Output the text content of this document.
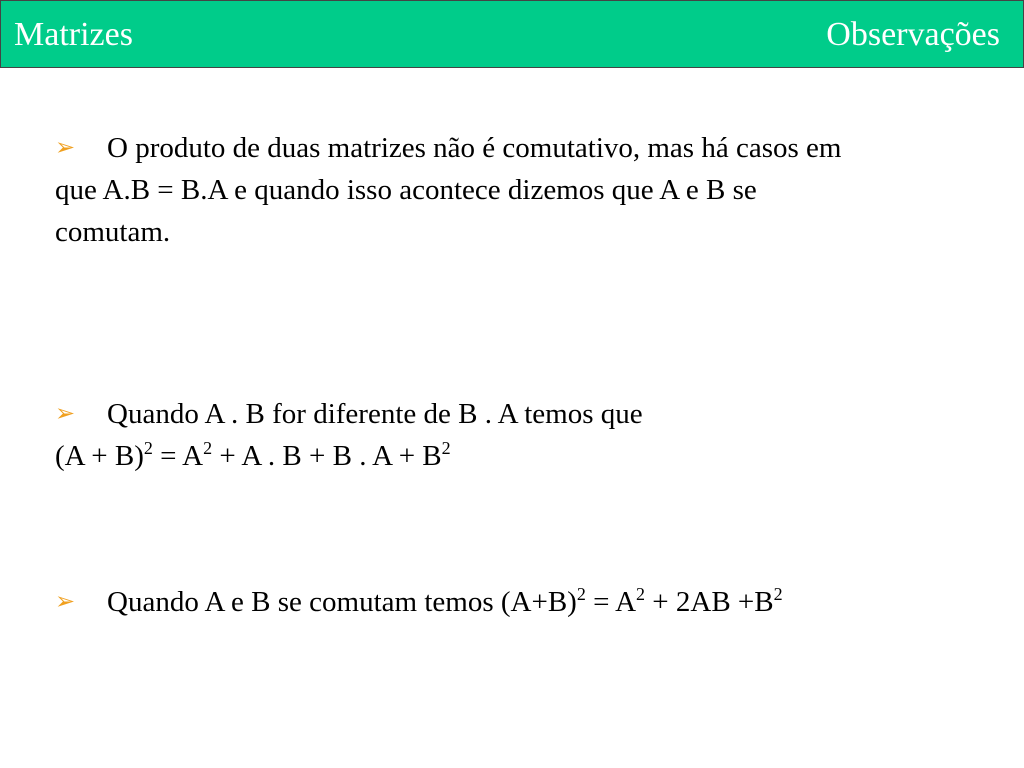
Matrizes	Observações
➢ O produto de duas matrizes não é comutativo, mas há casos em
que A.B = B.A e quando isso acontece dizemos que A e B se
comutam.
➢ Quando A . B for diferente de B . A temos que
$(A + B)^2 = A^2 + A$ . B + B . $A + B^2$
➢ Quando A e B se comutam temos $(A+B)^2 = A^2 + 2AB +B^2$
